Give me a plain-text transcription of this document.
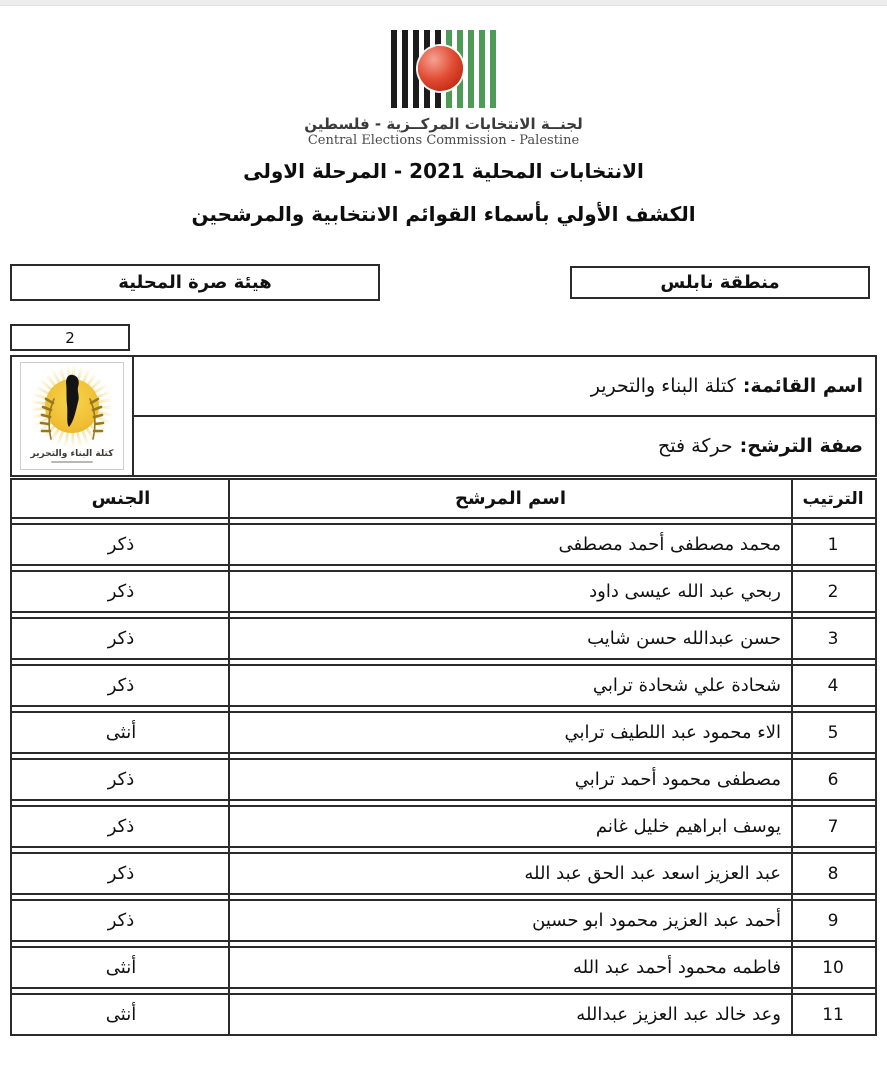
لجنــة الانتخابات المركــزية - فلسطين
Central Elections Commission - Palestine
الانتخابات المحلية 2021 - المرحلة الاولى
الكشف الأولي بأسماء القوائم الانتخابية والمرشحين
منطقة نابلس
هيئة صرة المحلية
2
اسم القائمة:
كتلة البناء والتحرير
صفة الترشح:
حركة فتح
كتلة البناء والتحرير
الترتيب
اسم المرشح
الجنس
1
محمد مصطفى أحمد مصطفى
ذكر
2
ربحي عبد الله عيسى داود
ذكر
3
حسن عبدالله حسن شايب
ذكر
4
شحادة علي شحادة ترابي
ذكر
5
الاء محمود عبد اللطيف ترابي
أنثى
6
مصطفى محمود أحمد ترابي
ذكر
7
يوسف ابراهيم خليل غانم
ذكر
8
عبد العزيز اسعد عبد الحق عبد الله
ذكر
9
أحمد عبد العزيز محمود ابو حسين
ذكر
10
فاطمه محمود أحمد عبد الله
أنثى
11
وعد خالد عبد العزيز عبدالله
أنثى
